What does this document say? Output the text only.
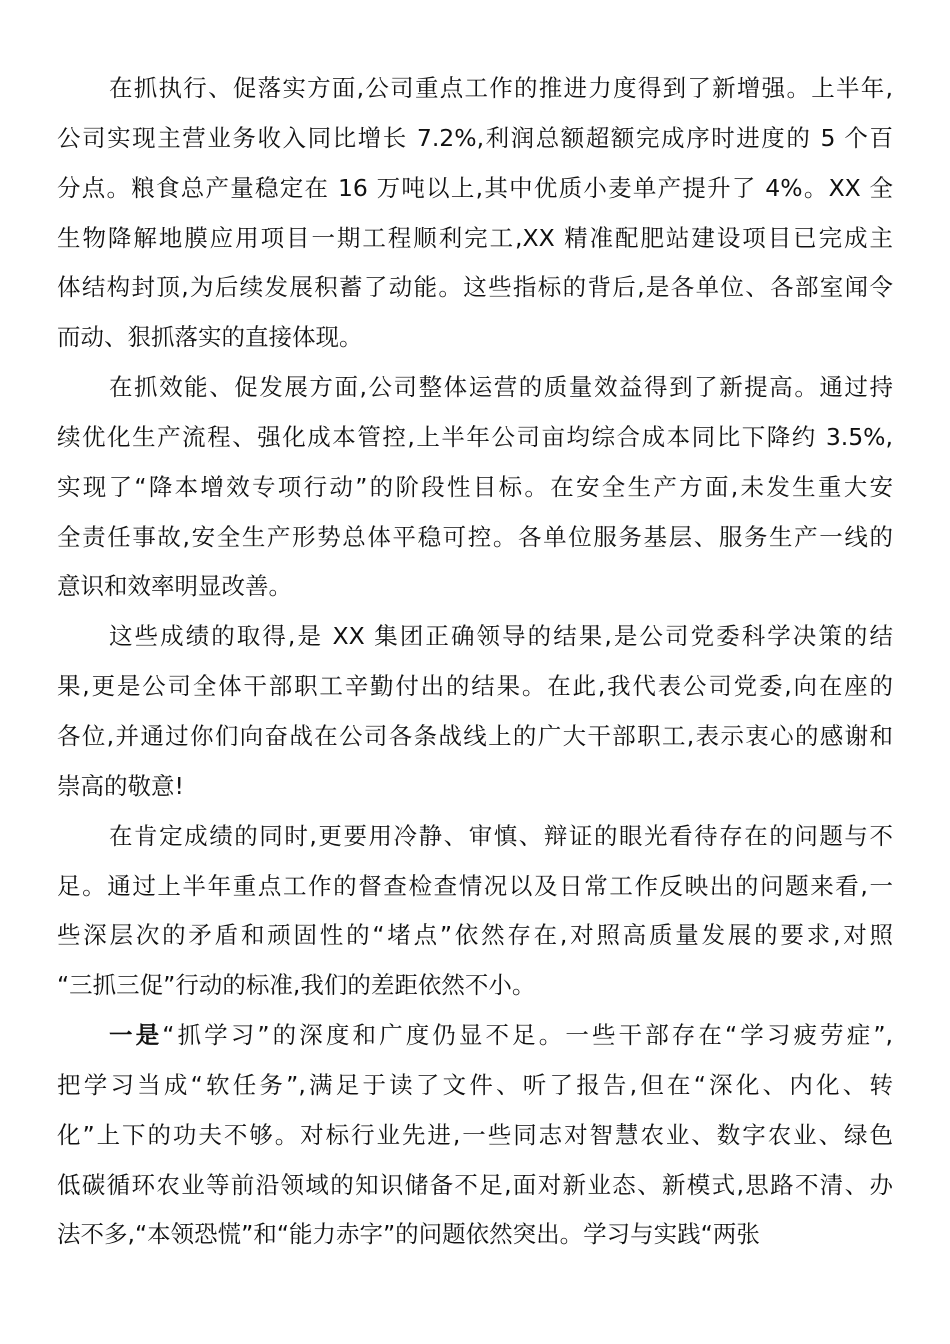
在抓执行、促落实方面,公司重点工作的推进力度得到了新增强。上半年,
公司实现主营业务收入同比增长 7.2%,利润总额超额完成序时进度的 5 个百
分点。粮食总产量稳定在 16 万吨以上,其中优质小麦单产提升了 4%。XX 全
生物降解地膜应用项目一期工程顺利完工,XX 精准配肥站建设项目已完成主
体结构封顶,为后续发展积蓄了动能。这些指标的背后,是各单位、各部室闻令
而动、狠抓落实的直接体现。
在抓效能、促发展方面,公司整体运营的质量效益得到了新提高。通过持
续优化生产流程、强化成本管控,上半年公司亩均综合成本同比下降约 3.5%,
实现了“降本增效专项行动”的阶段性目标。在安全生产方面,未发生重大安
全责任事故,安全生产形势总体平稳可控。各单位服务基层、服务生产一线的
意识和效率明显改善。
这些成绩的取得,是 XX 集团正确领导的结果,是公司党委科学决策的结
果,更是公司全体干部职工辛勤付出的结果。在此,我代表公司党委,向在座的
各位,并通过你们向奋战在公司各条战线上的广大干部职工,表示衷心的感谢和
崇高的敬意!
在肯定成绩的同时,更要用冷静、审慎、辩证的眼光看待存在的问题与不
足。通过上半年重点工作的督查检查情况以及日常工作反映出的问题来看,一
些深层次的矛盾和顽固性的“堵点”依然存在,对照高质量发展的要求,对照
“三抓三促”行动的标准,我们的差距依然不小。
一是“抓学习”的深度和广度仍显不足。一些干部存在“学习疲劳症”,
把学习当成“软任务”,满足于读了文件、听了报告,但在“深化、内化、转
化”上下的功夫不够。对标行业先进,一些同志对智慧农业、数字农业、绿色
低碳循环农业等前沿领域的知识储备不足,面对新业态、新模式,思路不清、办
法不多,“本领恐慌”和“能力赤字”的问题依然突出。学习与实践“两张
